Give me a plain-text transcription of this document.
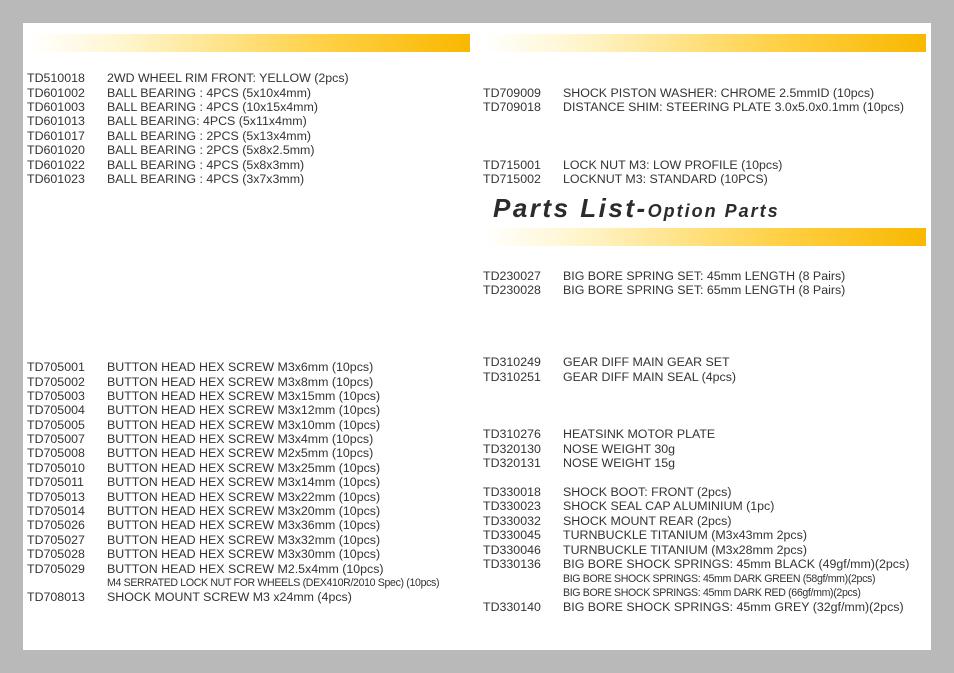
Parts List-Option Parts
TD510018 2WD WHEEL RIM FRONT: YELLOW (2pcs)
TD601002 BALL BEARING : 4PCS (5x10x4mm)
TD601003 BALL BEARING : 4PCS (10x15x4mm)
TD601013 BALL BEARING: 4PCS (5x11x4mm)
TD601017 BALL BEARING : 2PCS (5x13x4mm)
TD601020 BALL BEARING : 2PCS (5x8x2.5mm)
TD601022 BALL BEARING : 4PCS (5x8x3mm)
TD601023 BALL BEARING : 4PCS (3x7x3mm)
TD705001 BUTTON HEAD HEX SCREW M3x6mm (10pcs)
TD705002 BUTTON HEAD HEX SCREW M3x8mm (10pcs)
TD705003 BUTTON HEAD HEX SCREW M3x15mm (10pcs)
TD705004 BUTTON HEAD HEX SCREW M3x12mm (10pcs)
TD705005 BUTTON HEAD HEX SCREW M3x10mm (10pcs)
TD705007 BUTTON HEAD HEX SCREW M3x4mm (10pcs)
TD705008 BUTTON HEAD HEX SCREW M2x5mm (10pcs)
TD705010 BUTTON HEAD HEX SCREW M3x25mm (10pcs)
TD705011 BUTTON HEAD HEX SCREW M3x14mm (10pcs)
TD705013 BUTTON HEAD HEX SCREW M3x22mm (10pcs)
TD705014 BUTTON HEAD HEX SCREW M3x20mm (10pcs)
TD705026 BUTTON HEAD HEX SCREW M3x36mm (10pcs)
TD705027 BUTTON HEAD HEX SCREW M3x32mm (10pcs)
TD705028 BUTTON HEAD HEX SCREW M3x30mm (10pcs)
TD705029 BUTTON HEAD HEX SCREW M2.5x4mm (10pcs)
M4 SERRATED LOCK NUT FOR WHEELS (DEX410R/2010 Spec) (10pcs)
TD708013 SHOCK MOUNT SCREW M3 x24mm (4pcs)
TD709009 SHOCK PISTON WASHER: CHROME 2.5mmID (10pcs)
TD709018 DISTANCE SHIM: STEERING PLATE 3.0x5.0x0.1mm (10pcs)
TD715001 LOCK NUT M3: LOW PROFILE (10pcs)
TD715002 LOCKNUT M3: STANDARD (10PCS)
TD230027 BIG BORE SPRING SET: 45mm LENGTH (8 Pairs)
TD230028 BIG BORE SPRING SET: 65mm LENGTH (8 Pairs)
TD310249 GEAR DIFF MAIN GEAR SET
TD310251 GEAR DIFF MAIN SEAL (4pcs)
TD310276 HEATSINK MOTOR PLATE
TD320130 NOSE WEIGHT 30g
TD320131 NOSE WEIGHT 15g
TD330018 SHOCK BOOT: FRONT (2pcs)
TD330023 SHOCK SEAL CAP ALUMINIUM (1pc)
TD330032 SHOCK MOUNT REAR (2pcs)
TD330045 TURNBUCKLE TITANIUM (M3x43mm 2pcs)
TD330046 TURNBUCKLE TITANIUM (M3x28mm 2pcs)
TD330136 BIG BORE SHOCK SPRINGS: 45mm BLACK (49gf/mm)(2pcs)
BIG BORE SHOCK SPRINGS: 45mm DARK GREEN (58gf/mm)(2pcs)
BIG BORE SHOCK SPRINGS: 45mm DARK RED (66gf/mm)(2pcs)
TD330140 BIG BORE SHOCK SPRINGS: 45mm GREY (32gf/mm)(2pcs)
